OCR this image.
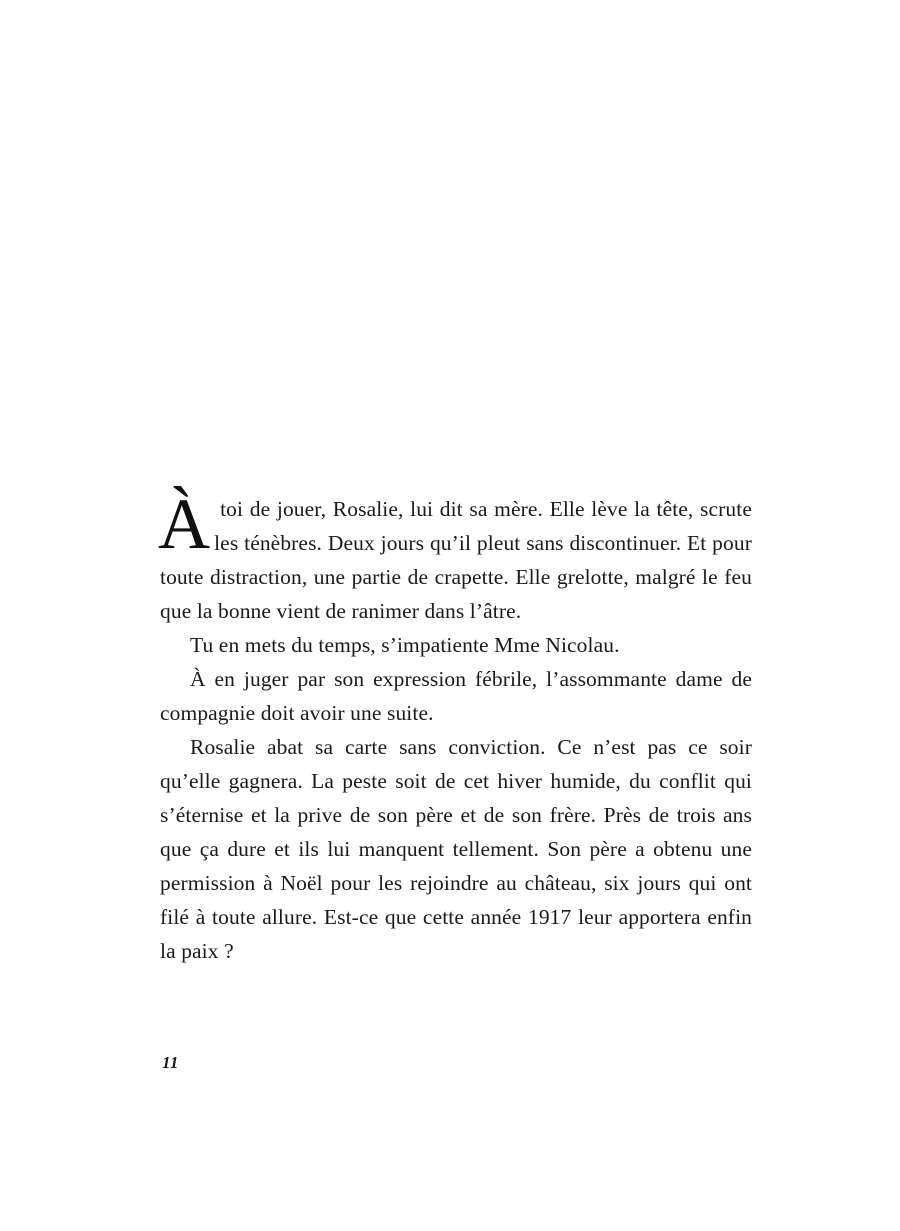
Àtoi de jouer, Rosalie, lui dit sa mère. Elle lève la tête, scrute les ténèbres. Deux jours qu’il pleut sans discontinuer. Et pour toute distraction, une partie de crapette. Elle grelotte, malgré le feu que la bonne vient de ranimer dans l’âtre.

Tu en mets du temps, s’impatiente Mme Nicolau.

À en juger par son expression fébrile, l’assommante dame de compagnie doit avoir une suite.

Rosalie abat sa carte sans conviction. Ce n’est pas ce soir qu’elle gagnera. La peste soit de cet hiver humide, du conflit qui s’éternise et la prive de son père et de son frère. Près de trois ans que ça dure et ils lui manquent tellement. Son père a obtenu une permission à Noël pour les rejoindre au château, six jours qui ont filé à toute allure. Est-ce que cette année 1917 leur apportera enfin la paix ?

11
